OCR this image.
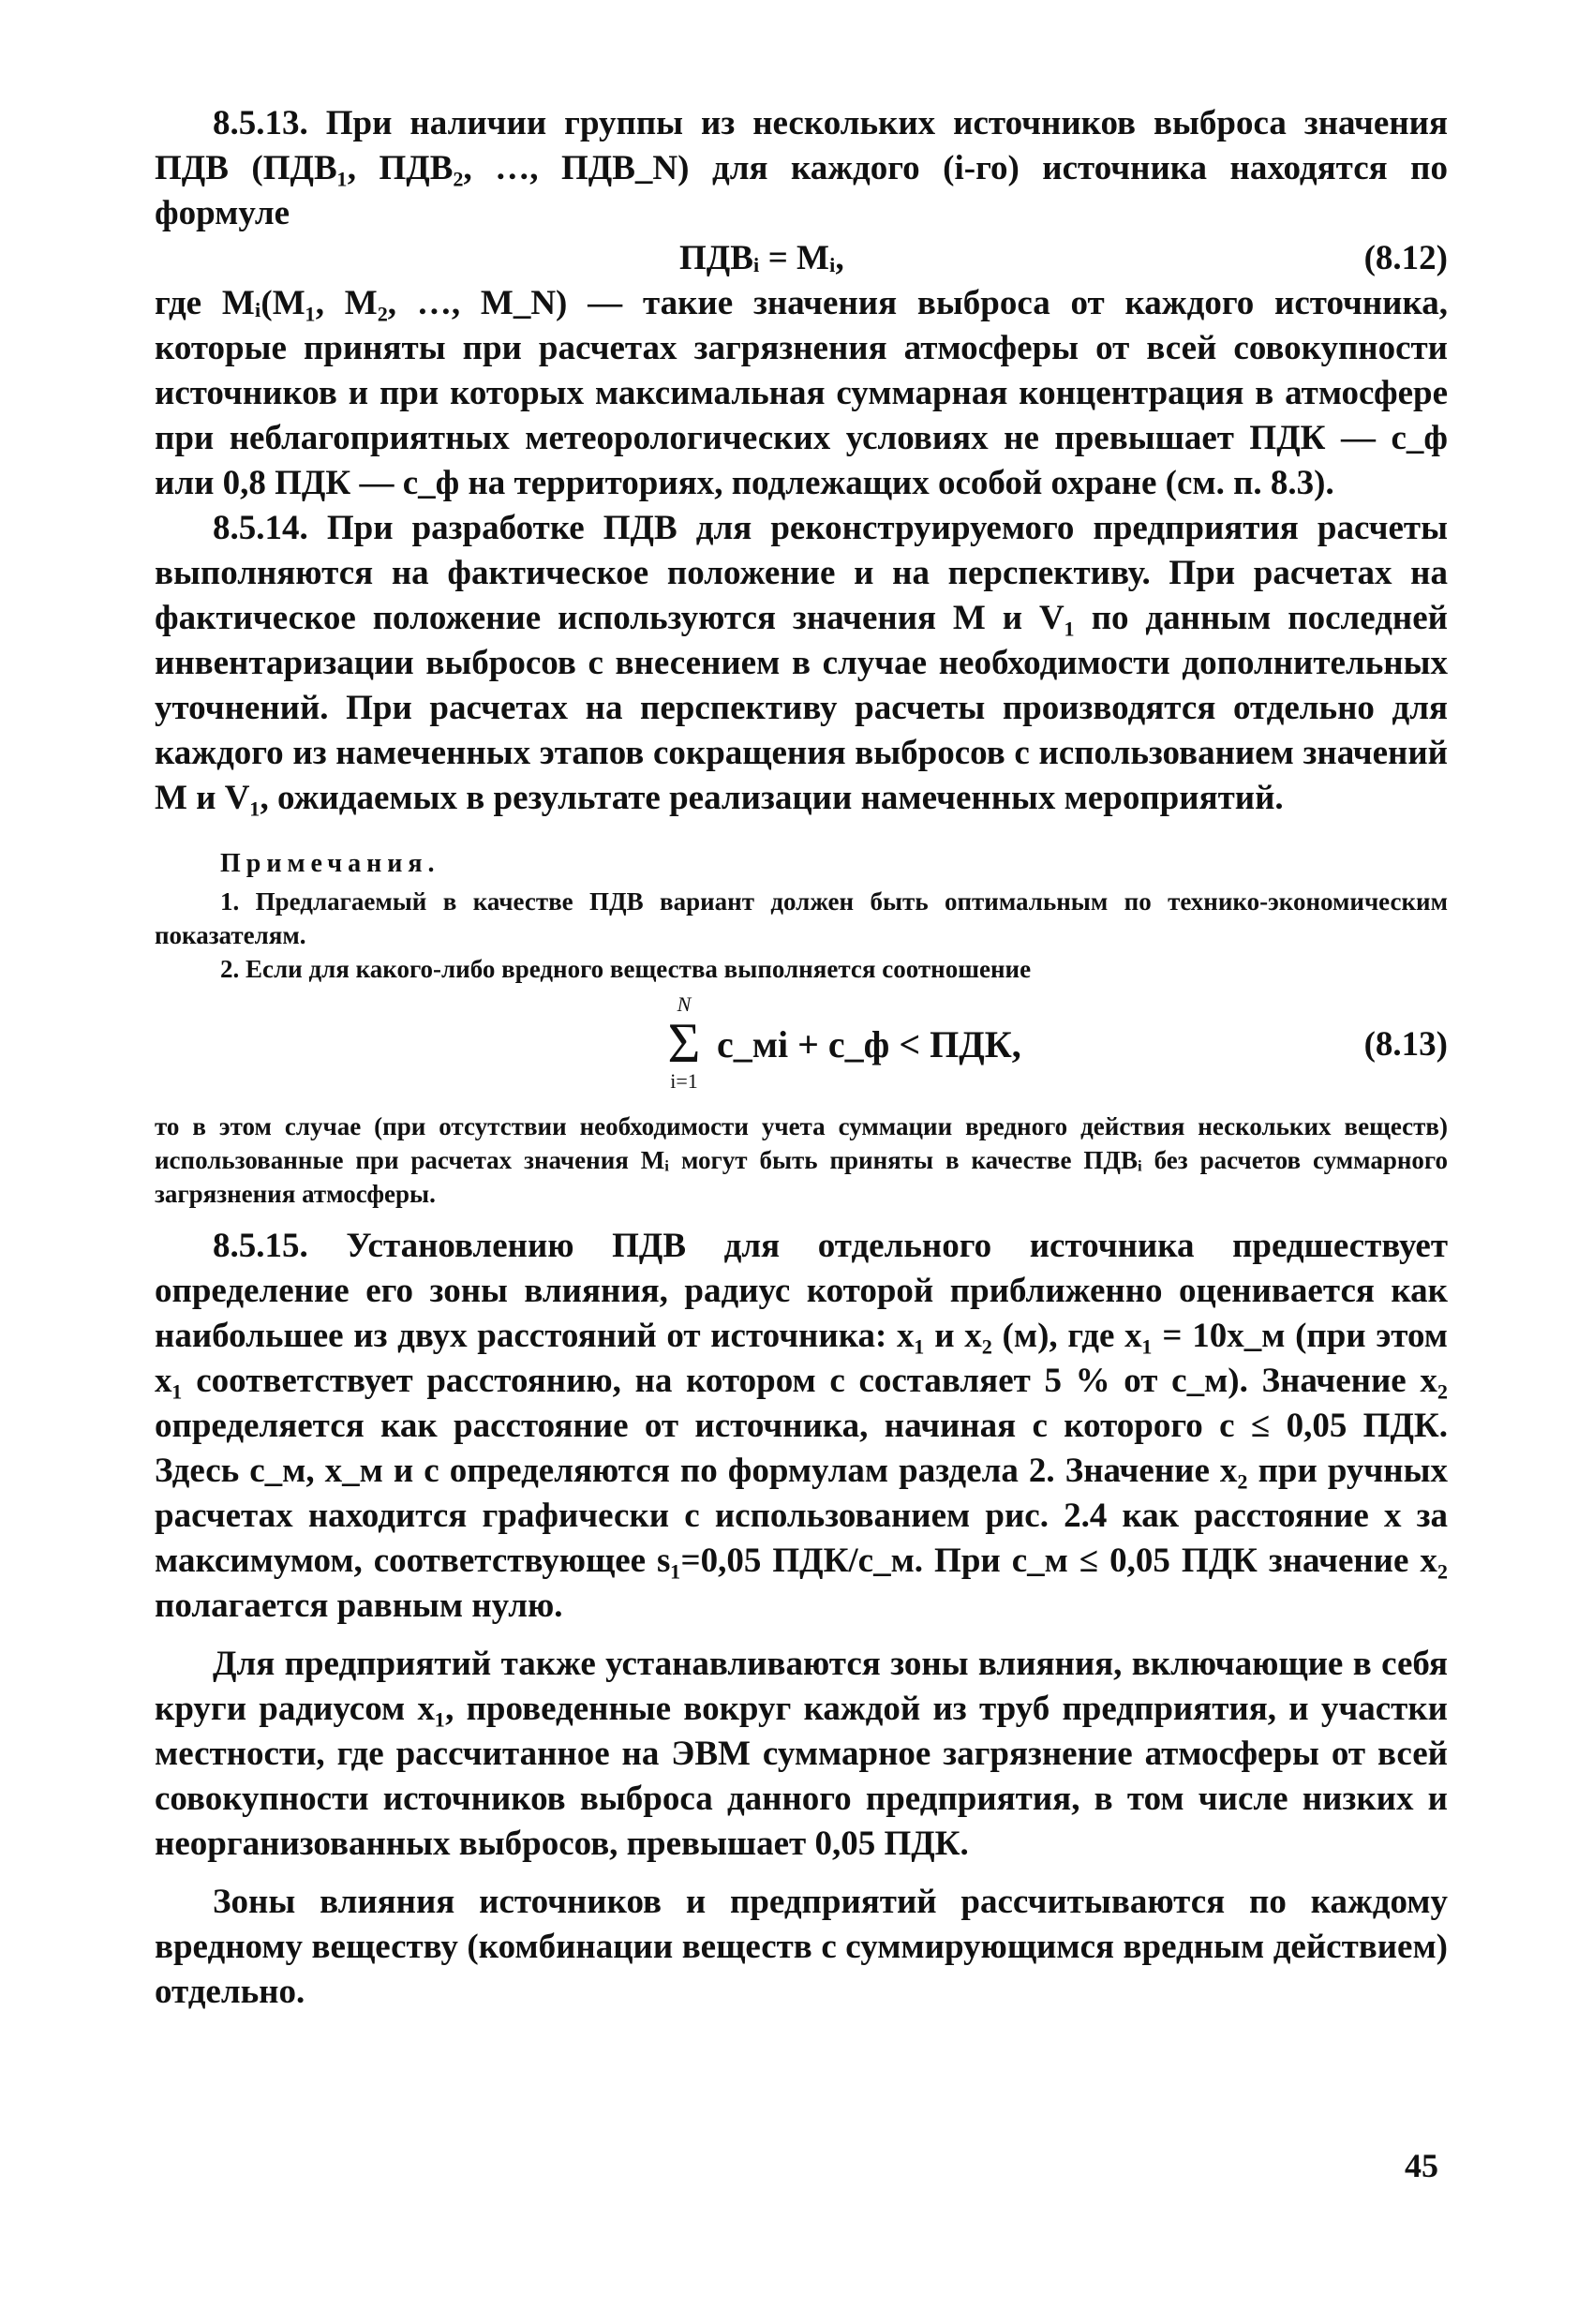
8.5.13. При наличии группы из нескольких источников выброса значения ПДВ (ПДВ₁, ПДВ₂, …, ПДВ_N) для каждого (i-го) источника находятся по формуле

ПДВᵢ = Mᵢ,	(8.12)

где Mᵢ(M₁, M₂, …, M_N) — такие значения выброса от каждого источника, которые приняты при расчетах загрязнения атмосферы от всей совокупности источников и при которых максимальная суммарная концентрация в атмосфере при неблагоприятных метеорологических условиях не превышает ПДК — c_ф или 0,8 ПДК — c_ф на территориях, подлежащих особой охране (см. п. 8.3).

8.5.14. При разработке ПДВ для реконструируемого предприятия расчеты выполняются на фактическое положение и на перспективу. При расчетах на фактическое положение используются значения M и V₁ по данным последней инвентаризации выбросов с внесением в случае необходимости дополнительных уточнений. При расчетах на перспективу расчеты производятся отдельно для каждого из намеченных этапов сокращения выбросов с использованием значений M и V₁, ожидаемых в результате реализации намеченных мероприятий.

Примечания.

1. Предлагаемый в качестве ПДВ вариант должен быть оптимальным по технико-экономическим показателям.

2. Если для какого-либо вредного вещества выполняется соотношение

N
Σ
i=1
c_мi + c_ф < ПДК,	(8.13)

то в этом случае (при отсутствии необходимости учета суммации вредного действия нескольких веществ) использованные при расчетах значения Mᵢ могут быть приняты в качестве ПДВᵢ без расчетов суммарного загрязнения атмосферы.

8.5.15. Установлению ПДВ для отдельного источника предшествует определение его зоны влияния, радиус которой приближенно оценивается как наибольшее из двух расстояний от источника: x₁ и x₂ (м), где x₁ = 10x_м (при этом x₁ соответствует расстоянию, на котором c составляет 5 % от c_м). Значение x₂ определяется как расстояние от источника, начиная с которого c ≤ 0,05 ПДК. Здесь c_м, x_м и c определяются по формулам раздела 2. Значение x₂ при ручных расчетах находится графически с использованием рис. 2.4 как расстояние x за максимумом, соответствующее s₁=0,05 ПДК/c_м. При c_м ≤ 0,05 ПДК значение x₂ полагается равным нулю.

Для предприятий также устанавливаются зоны влияния, включающие в себя круги радиусом x₁, проведенные вокруг каждой из труб предприятия, и участки местности, где рассчитанное на ЭВМ суммарное загрязнение атмосферы от всей совокупности источников выброса данного предприятия, в том числе низких и неорганизованных выбросов, превышает 0,05 ПДК.

Зоны влияния источников и предприятий рассчитываются по каждому вредному веществу (комбинации веществ с суммирующимся вредным действием) отдельно.

45
